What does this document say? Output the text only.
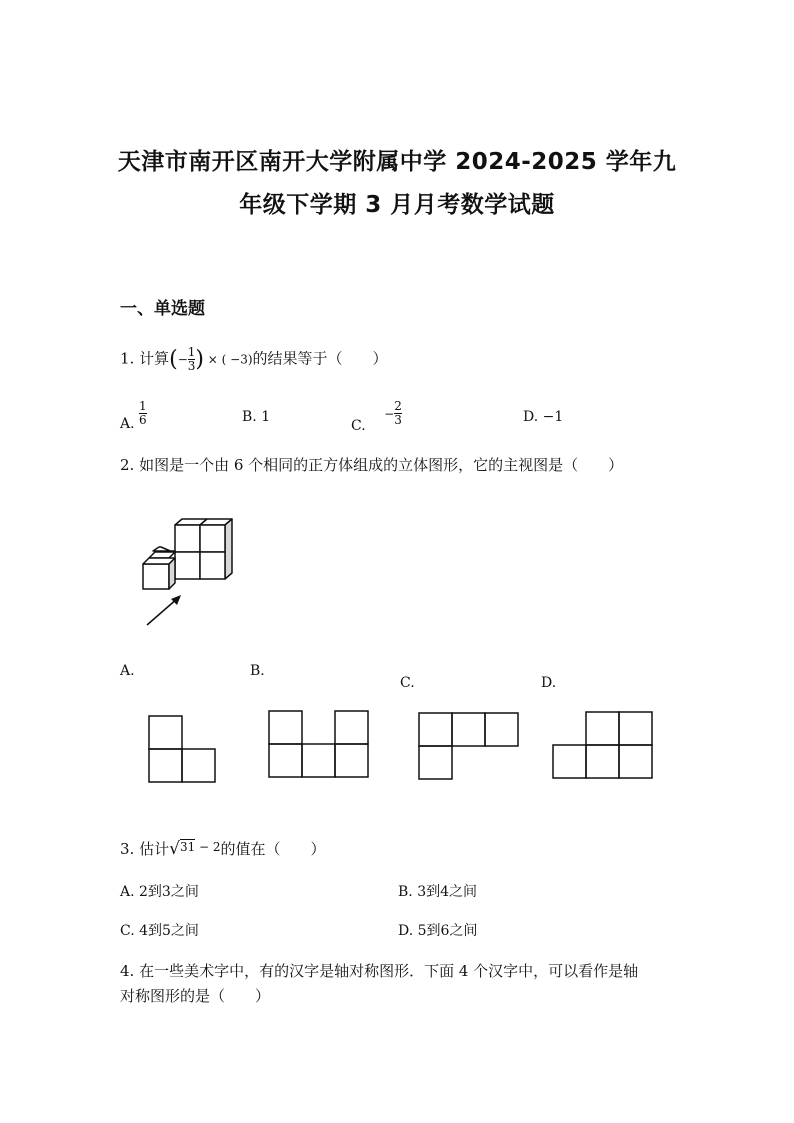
天津市南开区南开大学附属中学 2024-2025 学年九
年级下学期 3 月月考数学试题
一、单选题
1. 计算(− $\frac{1}{3}$ ) × ( −3)的结果等于（　　）
A. $\frac{1}{6}$	B. 1
C. − $\frac{2}{3}$	D. −1
2. 如图是一个由 6 个相同的正方体组成的立体图形，它的主视图是（　　）
A.	B.
C.	D.
3. 估计√$^{31}$ $^{- 2}$的值在（　　）
A. 2到3之间	B. 3到4之间
C. 4到5之间	D. 5到6之间
4. 在一些美术字中，有的汉字是轴对称图形．下面 4 个汉字中，可以看作是轴
对称图形的是（　　）
